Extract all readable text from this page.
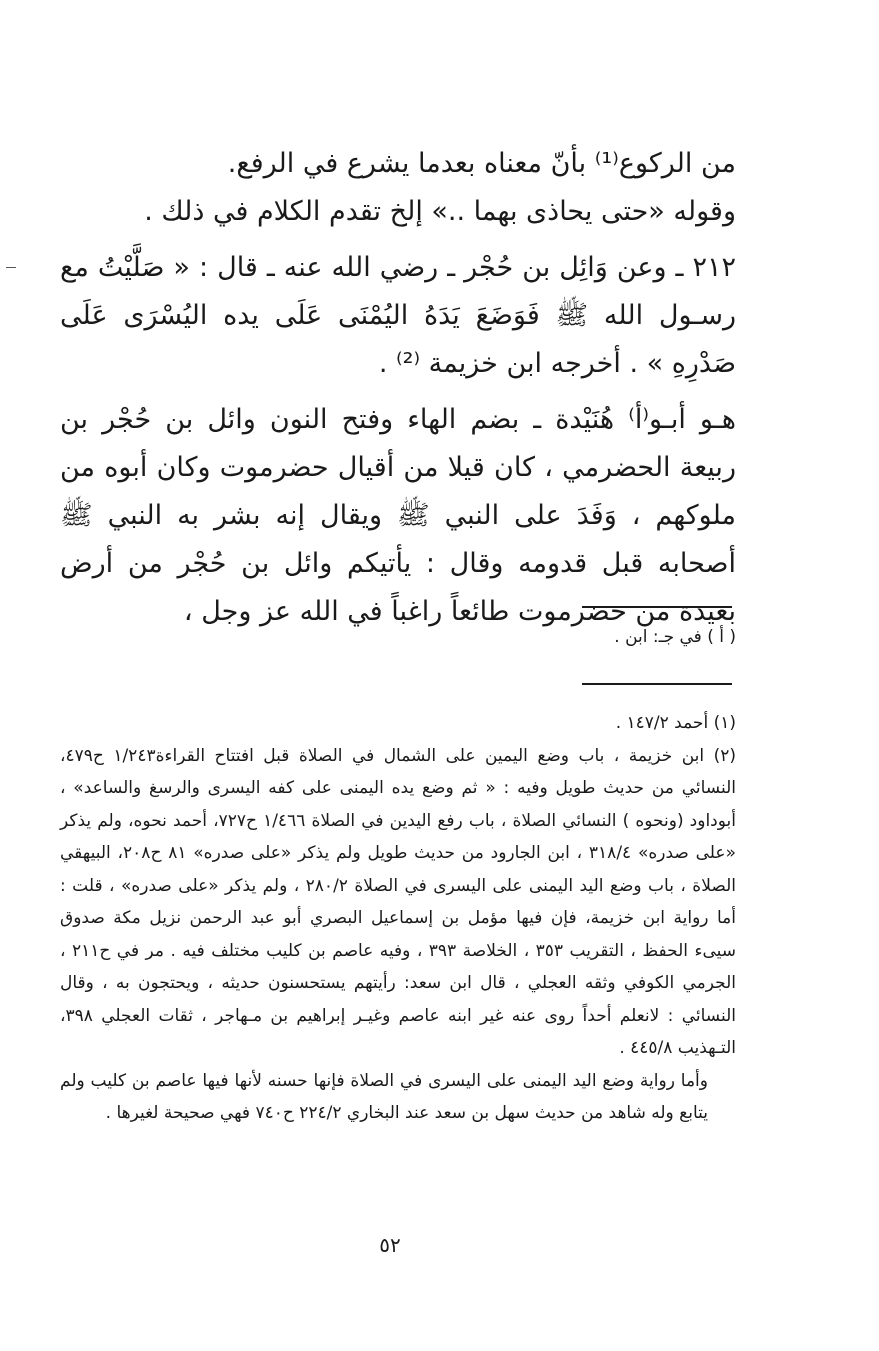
من الركوع⁽¹⁾ بأنّ معناه بعدما يشرع في الرفع.

وقوله «حتى يحاذى بهما ..» إلخ تقدم الكلام في ذلك .

٢١٢ ـ وعن وَائِل بن حُجْر ـ رضي الله عنه ـ قال : « صَلَّيْتُ مع رسـول الله ﷺ فَوَضَعَ يَدَهُ اليُمْنَى عَلَى يده اليُسْرَى عَلَى صَدْرِهِ » . أخرجه ابن خزيمة ⁽²⁾ .

هـو أبـو⁽أ⁾ هُنَيْدة ـ بضم الهاء وفتح النون وائل بن حُجْر بن ربيعة الحضرمي ، كان قيلا من أقيال حضرموت وكان أبوه من ملوكهم ، وَفَدَ على النبي ﷺ ويقال إنه بشر به النبي ﷺ أصحابه قبل قدومه وقال : يأتيكم وائل بن حُجْر من أرض بعيدة من حضرموت طائعاً راغباً في الله عز وجل ،

( أ ) في جـ: ابن .

(١) أحمد ١٤٧/٢ .

(٢) ابن خزيمة ، باب وضع اليمين على الشمال في الصلاة قبل افتتاح القراءة١/٢٤٣ ح٤٧٩، النسائي من حديث طويل وفيه : « ثم وضع يده اليمنى على كفه اليسرى والرسغ والساعد» ، أبوداود (ونحوه ) النسائي الصلاة ، باب رفع اليدين في الصلاة ١/٤٦٦ ح٧٢٧، أحمد نحوه، ولم يذكر «على صدره» ٣١٨/٤ ، ابن الجارود من حديث طويل ولم يذكر «على صدره» ٨١ ح٢٠٨، البيهقي الصلاة ، باب وضع اليد اليمنى على اليسرى في الصلاة ٢٨٠/٢ ، ولم يذكر «على صدره» ، قلت : أما رواية ابن خزيمة، فإن فيها مؤمل بن إسماعيل البصري أبو عبد الرحمن نزيل مكة صدوق سيىء الحفظ ، التقريب ٣٥٣ ، الخلاصة ٣٩٣ ، وفيه عاصم بن كليب مختلف فيه . مر في ح٢١١ ، الجرمي الكوفي وثقه العجلي ، قال ابن سعد: رأيتهم يستحسنون حديثه ، ويحتجون به ، وقال النسائي : لانعلم أحداً روى عنه غير ابنه عاصم وغيـر إبراهيم بن مـهاجر ، ثقات العجلي ٣٩٨، التـهذيب ٤٤٥/٨ .

وأما رواية وضع اليد اليمنى على اليسرى في الصلاة فإنها حسنه لأنها فيها عاصم بن كليب ولم يتابع وله شاهد من حديث سهل بن سعد عند البخاري ٢٢٤/٢ ح٧٤٠ فهي صحيحة لغيرها .

٥٢
